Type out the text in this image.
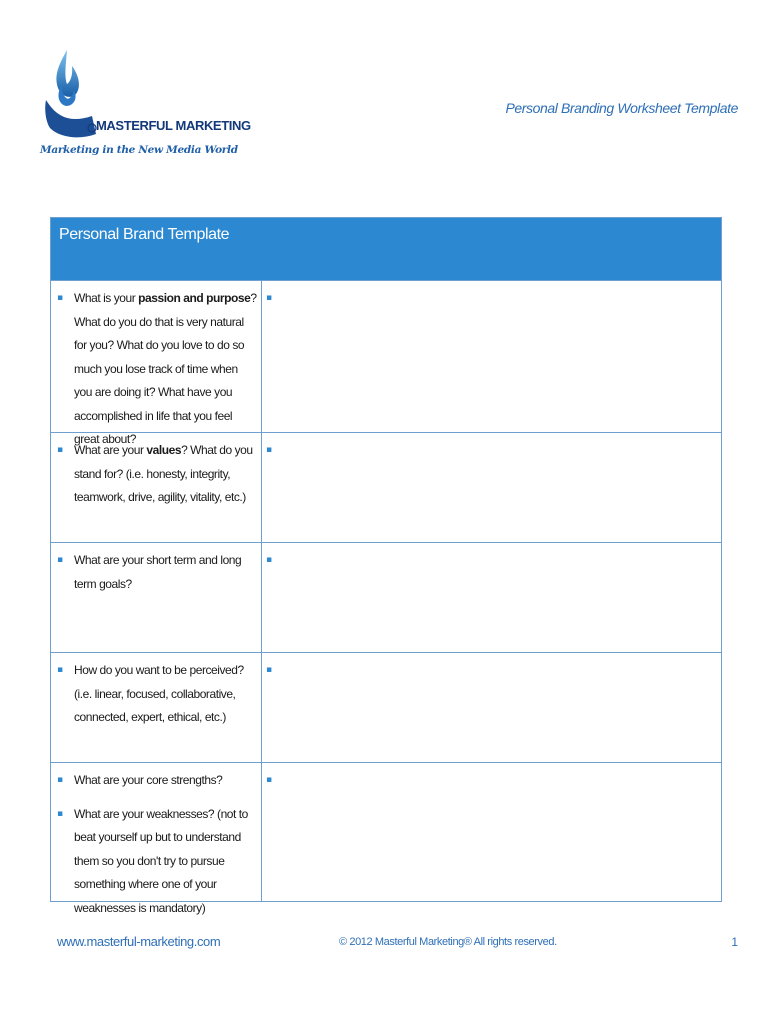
MASTERFUL MARKETING
Marketing in the New Media World
Personal Branding Worksheet Template
Personal Brand Template
▪ What is your passion and purpose? What do you do that is very natural for you? What do you love to do so much you lose track of time when you are doing it? What have you accomplished in life that you feel great about?
▪
▪ What are your values? What do you stand for? (i.e. honesty, integrity, teamwork, drive, agility, vitality, etc.)
▪
▪ What are your short term and long term goals?
▪
▪ How do you want to be perceived? (i.e. linear, focused, collaborative, connected, expert, ethical, etc.)
▪
▪ What are your core strengths?
▪ What are your weaknesses? (not to beat yourself up but to understand them so you don't try to pursue something where one of your weaknesses is mandatory)
▪
www.masterful-marketing.com	© 2012 Masterful Marketing® All rights reserved.	1
